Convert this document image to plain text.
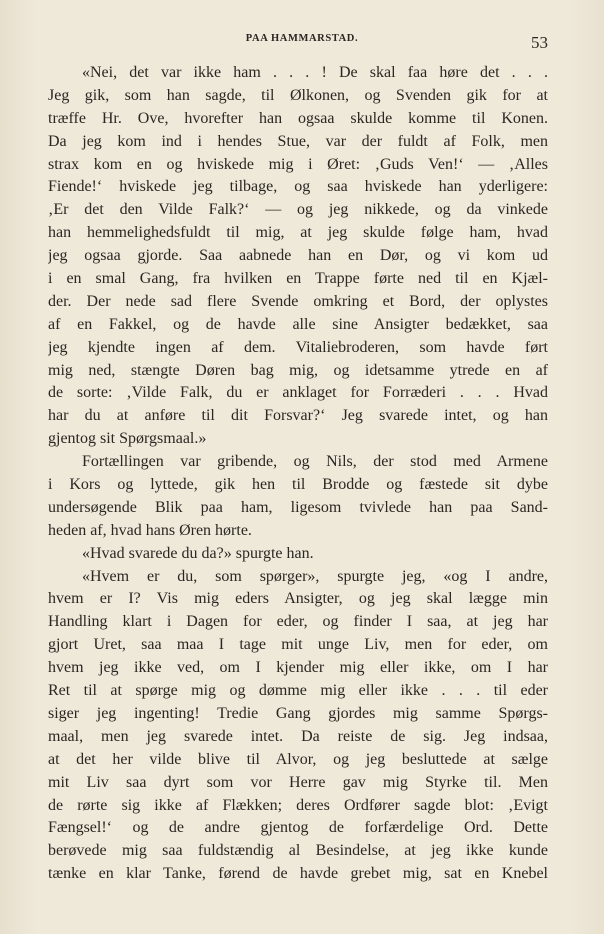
PAA HAMMARSTAD.	53
«Nei, det var ikke ham . . . ! De skal faa høre det . . .
Jeg gik, som han sagde, til Ølkonen, og Svenden gik for at
træffe Hr. Ove, hvorefter han ogsaa skulde komme til Konen.
Da jeg kom ind i hendes Stue, var der fuldt af Folk, men
strax kom en og hviskede mig i Øret: ‚Guds Ven!‘ — ‚Alles
Fiende!‘ hviskede jeg tilbage, og saa hviskede han yderligere:
‚Er det den Vilde Falk?‘ — og jeg nikkede, og da vinkede
han hemmelighedsfuldt til mig, at jeg skulde følge ham, hvad
jeg ogsaa gjorde. Saa aabnede han en Dør, og vi kom ud
i en smal Gang, fra hvilken en Trappe førte ned til en Kjæl-
der. Der nede sad flere Svende omkring et Bord, der oplystes
af en Fakkel, og de havde alle sine Ansigter bedækket, saa
jeg kjendte ingen af dem. Vitaliebroderen, som havde ført
mig ned, stængte Døren bag mig, og idetsamme ytrede en af
de sorte: ‚Vilde Falk, du er anklaget for Forræderi . . . Hvad
har du at anføre til dit Forsvar?‘ Jeg svarede intet, og han
gjentog sit Spørgsmaal.»
Fortællingen var gribende, og Nils, der stod med Armene
i Kors og lyttede, gik hen til Brodde og fæstede sit dybe
undersøgende Blik paa ham, ligesom tvivlede han paa Sand-
heden af, hvad hans Øren hørte.
«Hvad svarede du da?» spurgte han.
«Hvem er du, som spørger», spurgte jeg, «og I andre,
hvem er I? Vis mig eders Ansigter, og jeg skal lægge min
Handling klart i Dagen for eder, og finder I saa, at jeg har
gjort Uret, saa maa I tage mit unge Liv, men for eder, om
hvem jeg ikke ved, om I kjender mig eller ikke, om I har
Ret til at spørge mig og dømme mig eller ikke . . . til eder
siger jeg ingenting! Tredie Gang gjordes mig samme Spørgs-
maal, men jeg svarede intet. Da reiste de sig. Jeg indsaa,
at det her vilde blive til Alvor, og jeg besluttede at sælge
mit Liv saa dyrt som vor Herre gav mig Styrke til. Men
de rørte sig ikke af Flækken; deres Ordfører sagde blot: ‚Evigt
Fængsel!‘ og de andre gjentog de forfærdelige Ord. Dette
berøvede mig saa fuldstændig al Besindelse, at jeg ikke kunde
tænke en klar Tanke, førend de havde grebet mig, sat en Knebel
